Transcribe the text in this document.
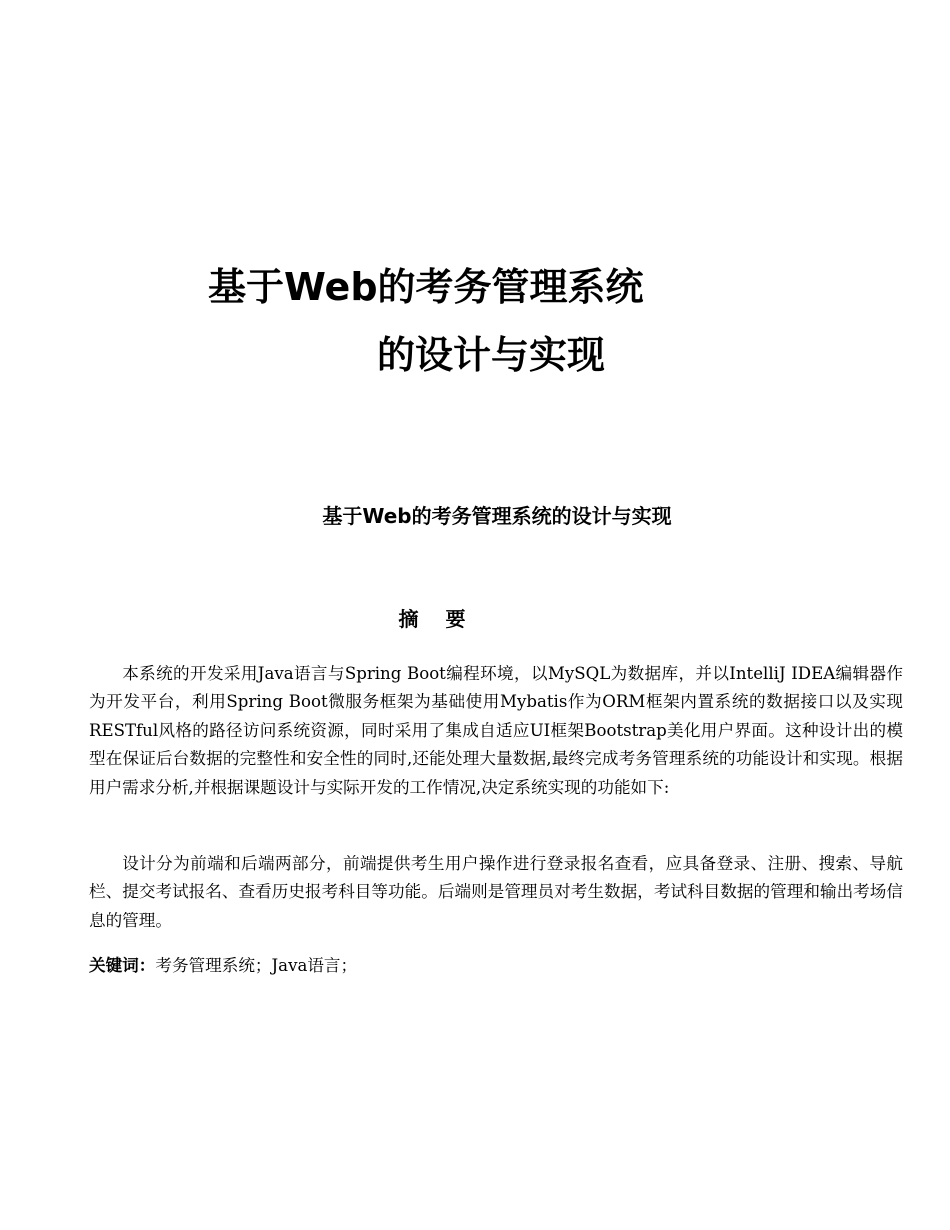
基于Web的考务管理系统
的设计与实现
基于Web的考务管理系统的设计与实现
摘 要

本系统的开发采用Java语言与Spring Boot编程环境，以MySQL为数据库，并以IntelliJ IDEA编辑器作为开发平台，利用Spring Boot微服务框架为基础使用Mybatis作为ORM框架内置系统的数据接口以及实现RESTful风格的路径访问系统资源，同时采用了集成自适应UI框架Bootstrap美化用户界面。这种设计出的模型在保证后台数据的完整性和安全性的同时,还能处理大量数据,最终完成考务管理系统的功能设计和实现。根据用户需求分析,并根据课题设计与实际开发的工作情况,决定系统实现的功能如下:

设计分为前端和后端两部分，前端提供考生用户操作进行登录报名查看，应具备登录、注册、搜索、导航栏、提交考试报名、查看历史报考科目等功能。后端则是管理员对考生数据，考试科目数据的管理和输出考场信息的管理。

关键词：考务管理系统；Java语言；
